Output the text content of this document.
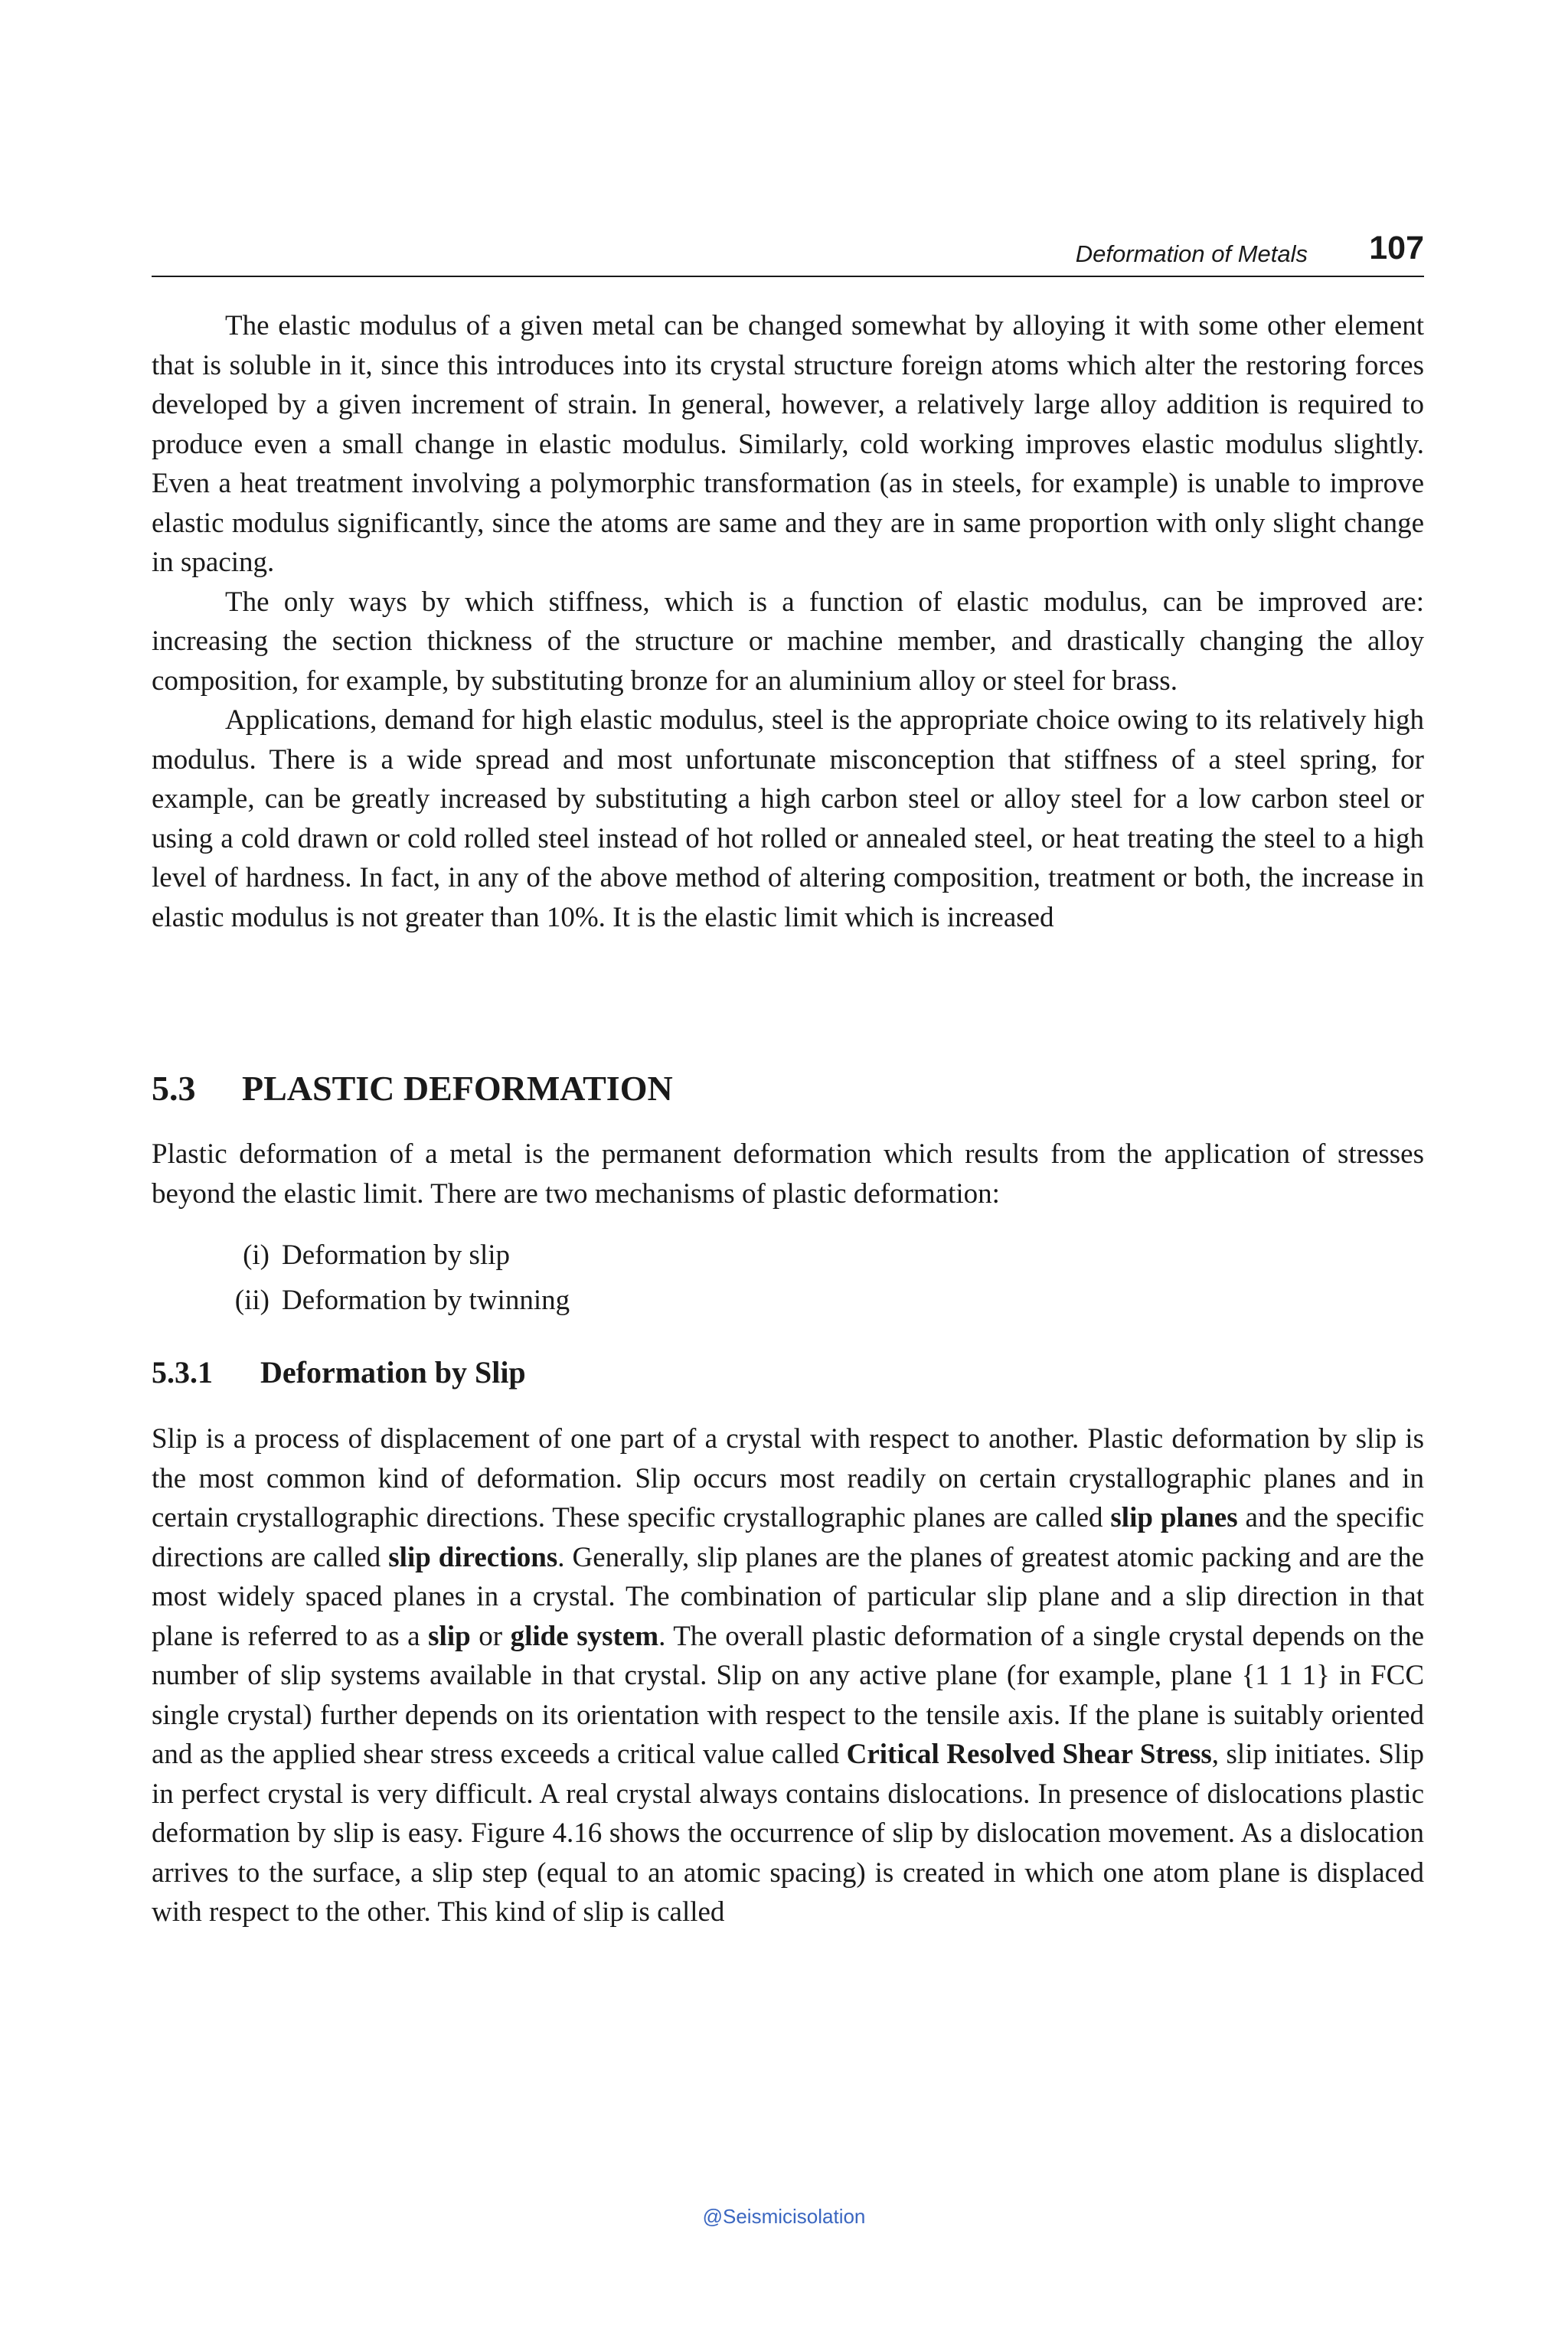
Deformation of Metals 107

The elastic modulus of a given metal can be changed somewhat by alloying it with some other element that is soluble in it, since this introduces into its crystal structure foreign atoms which alter the restoring forces developed by a given increment of strain. In general, however, a relatively large alloy addition is required to produce even a small change in elastic modulus. Similarly, cold working improves elastic modulus slightly. Even a heat treatment involving a polymorphic transformation (as in steels, for example) is unable to improve elastic modulus significantly, since the atoms are same and they are in same proportion with only slight change in spacing.

The only ways by which stiffness, which is a function of elastic modulus, can be improved are: increasing the section thickness of the structure or machine member, and drastically changing the alloy composition, for example, by substituting bronze for an aluminium alloy or steel for brass.

Applications, demand for high elastic modulus, steel is the appropriate choice owing to its relatively high modulus. There is a wide spread and most unfortunate misconception that stiffness of a steel spring, for example, can be greatly increased by substituting a high carbon steel or alloy steel for a low carbon steel or using a cold drawn or cold rolled steel instead of hot rolled or annealed steel, or heat treating the steel to a high level of hardness. In fact, in any of the above method of altering composition, treatment or both, the increase in elastic modulus is not greater than 10%. It is the elastic limit which is increased

5.3 PLASTIC DEFORMATION

Plastic deformation of a metal is the permanent deformation which results from the application of stresses beyond the elastic limit. There are two mechanisms of plastic deformation:

(i) Deformation by slip
(ii) Deformation by twinning
5.3.1 Deformation by Slip

Slip is a process of displacement of one part of a crystal with respect to another. Plastic deformation by slip is the most common kind of deformation. Slip occurs most readily on certain crystallographic planes and in certain crystallographic directions. These specific crystallographic planes are called slip planes and the specific directions are called slip directions. Generally, slip planes are the planes of greatest atomic packing and are the most widely spaced planes in a crystal. The combination of particular slip plane and a slip direction in that plane is referred to as a slip or glide system. The overall plastic deformation of a single crystal depends on the number of slip systems available in that crystal. Slip on any active plane (for example, plane {1 1 1} in FCC single crystal) further depends on its orientation with respect to the tensile axis. If the plane is suitably oriented and as the applied shear stress exceeds a critical value called Critical Resolved Shear Stress, slip initiates. Slip in perfect crystal is very difficult. A real crystal always contains dislocations. In presence of dislocations plastic deformation by slip is easy. Figure 4.16 shows the occurrence of slip by dislocation movement. As a dislocation arrives to the surface, a slip step (equal to an atomic spacing) is created in which one atom plane is displaced with respect to the other. This kind of slip is called

@Seismicisolation
